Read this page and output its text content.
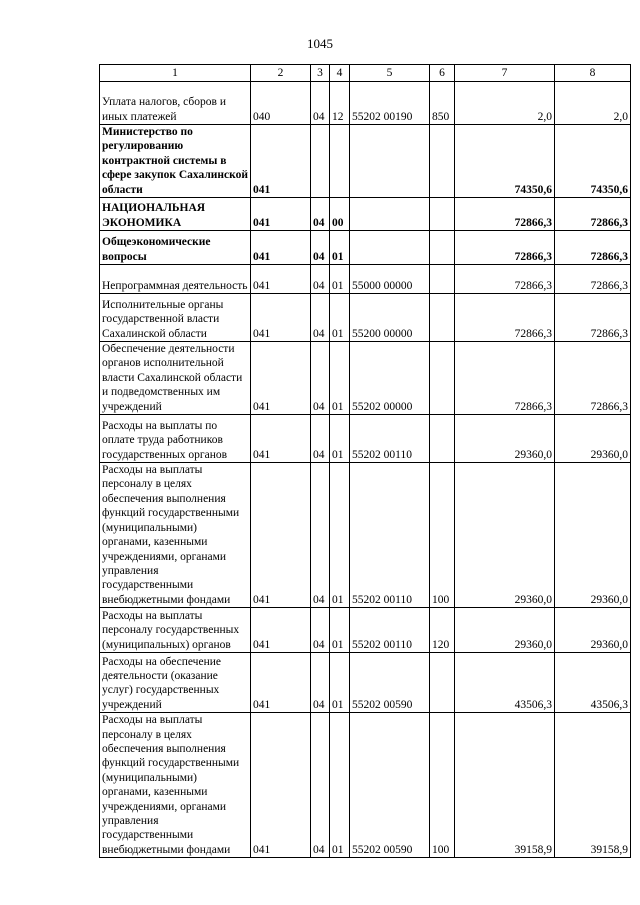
1045
1	2	3	4	5	6	7	8
Уплата налогов, сборов и иных платежей	040	04	12	55202 00190	850	2,0	2,0
Министерство по регулированию контрактной системы в сфере закупок Сахалинской области	041					74350,6	74350,6
НАЦИОНАЛЬНАЯ ЭКОНОМИКА	041	04	00			72866,3	72866,3
Общеэкономические вопросы	041	04	01			72866,3	72866,3
Непрограммная деятельность	041	04	01	55000 00000		72866,3	72866,3
Исполнительные органы государственной власти Сахалинской области	041	04	01	55200 00000		72866,3	72866,3
Обеспечение деятельности органов исполнительной власти Сахалинской области и подведомственных им учреждений	041	04	01	55202 00000		72866,3	72866,3
Расходы на выплаты по оплате труда работников государственных органов	041	04	01	55202 00110		29360,0	29360,0
Расходы на выплаты персоналу в целях обеспечения выполнения функций государственными (муниципальными) органами, казенными учреждениями, органами управления государственными внебюджетными фондами	041	04	01	55202 00110	100	29360,0	29360,0
Расходы на выплаты персоналу государственных (муниципальных) органов	041	04	01	55202 00110	120	29360,0	29360,0
Расходы на обеспечение деятельности (оказание услуг) государственных учреждений	041	04	01	55202 00590		43506,3	43506,3
Расходы на выплаты персоналу в целях обеспечения выполнения функций государственными (муниципальными) органами, казенными учреждениями, органами управления государственными внебюджетными фондами	041	04	01	55202 00590	100	39158,9	39158,9
